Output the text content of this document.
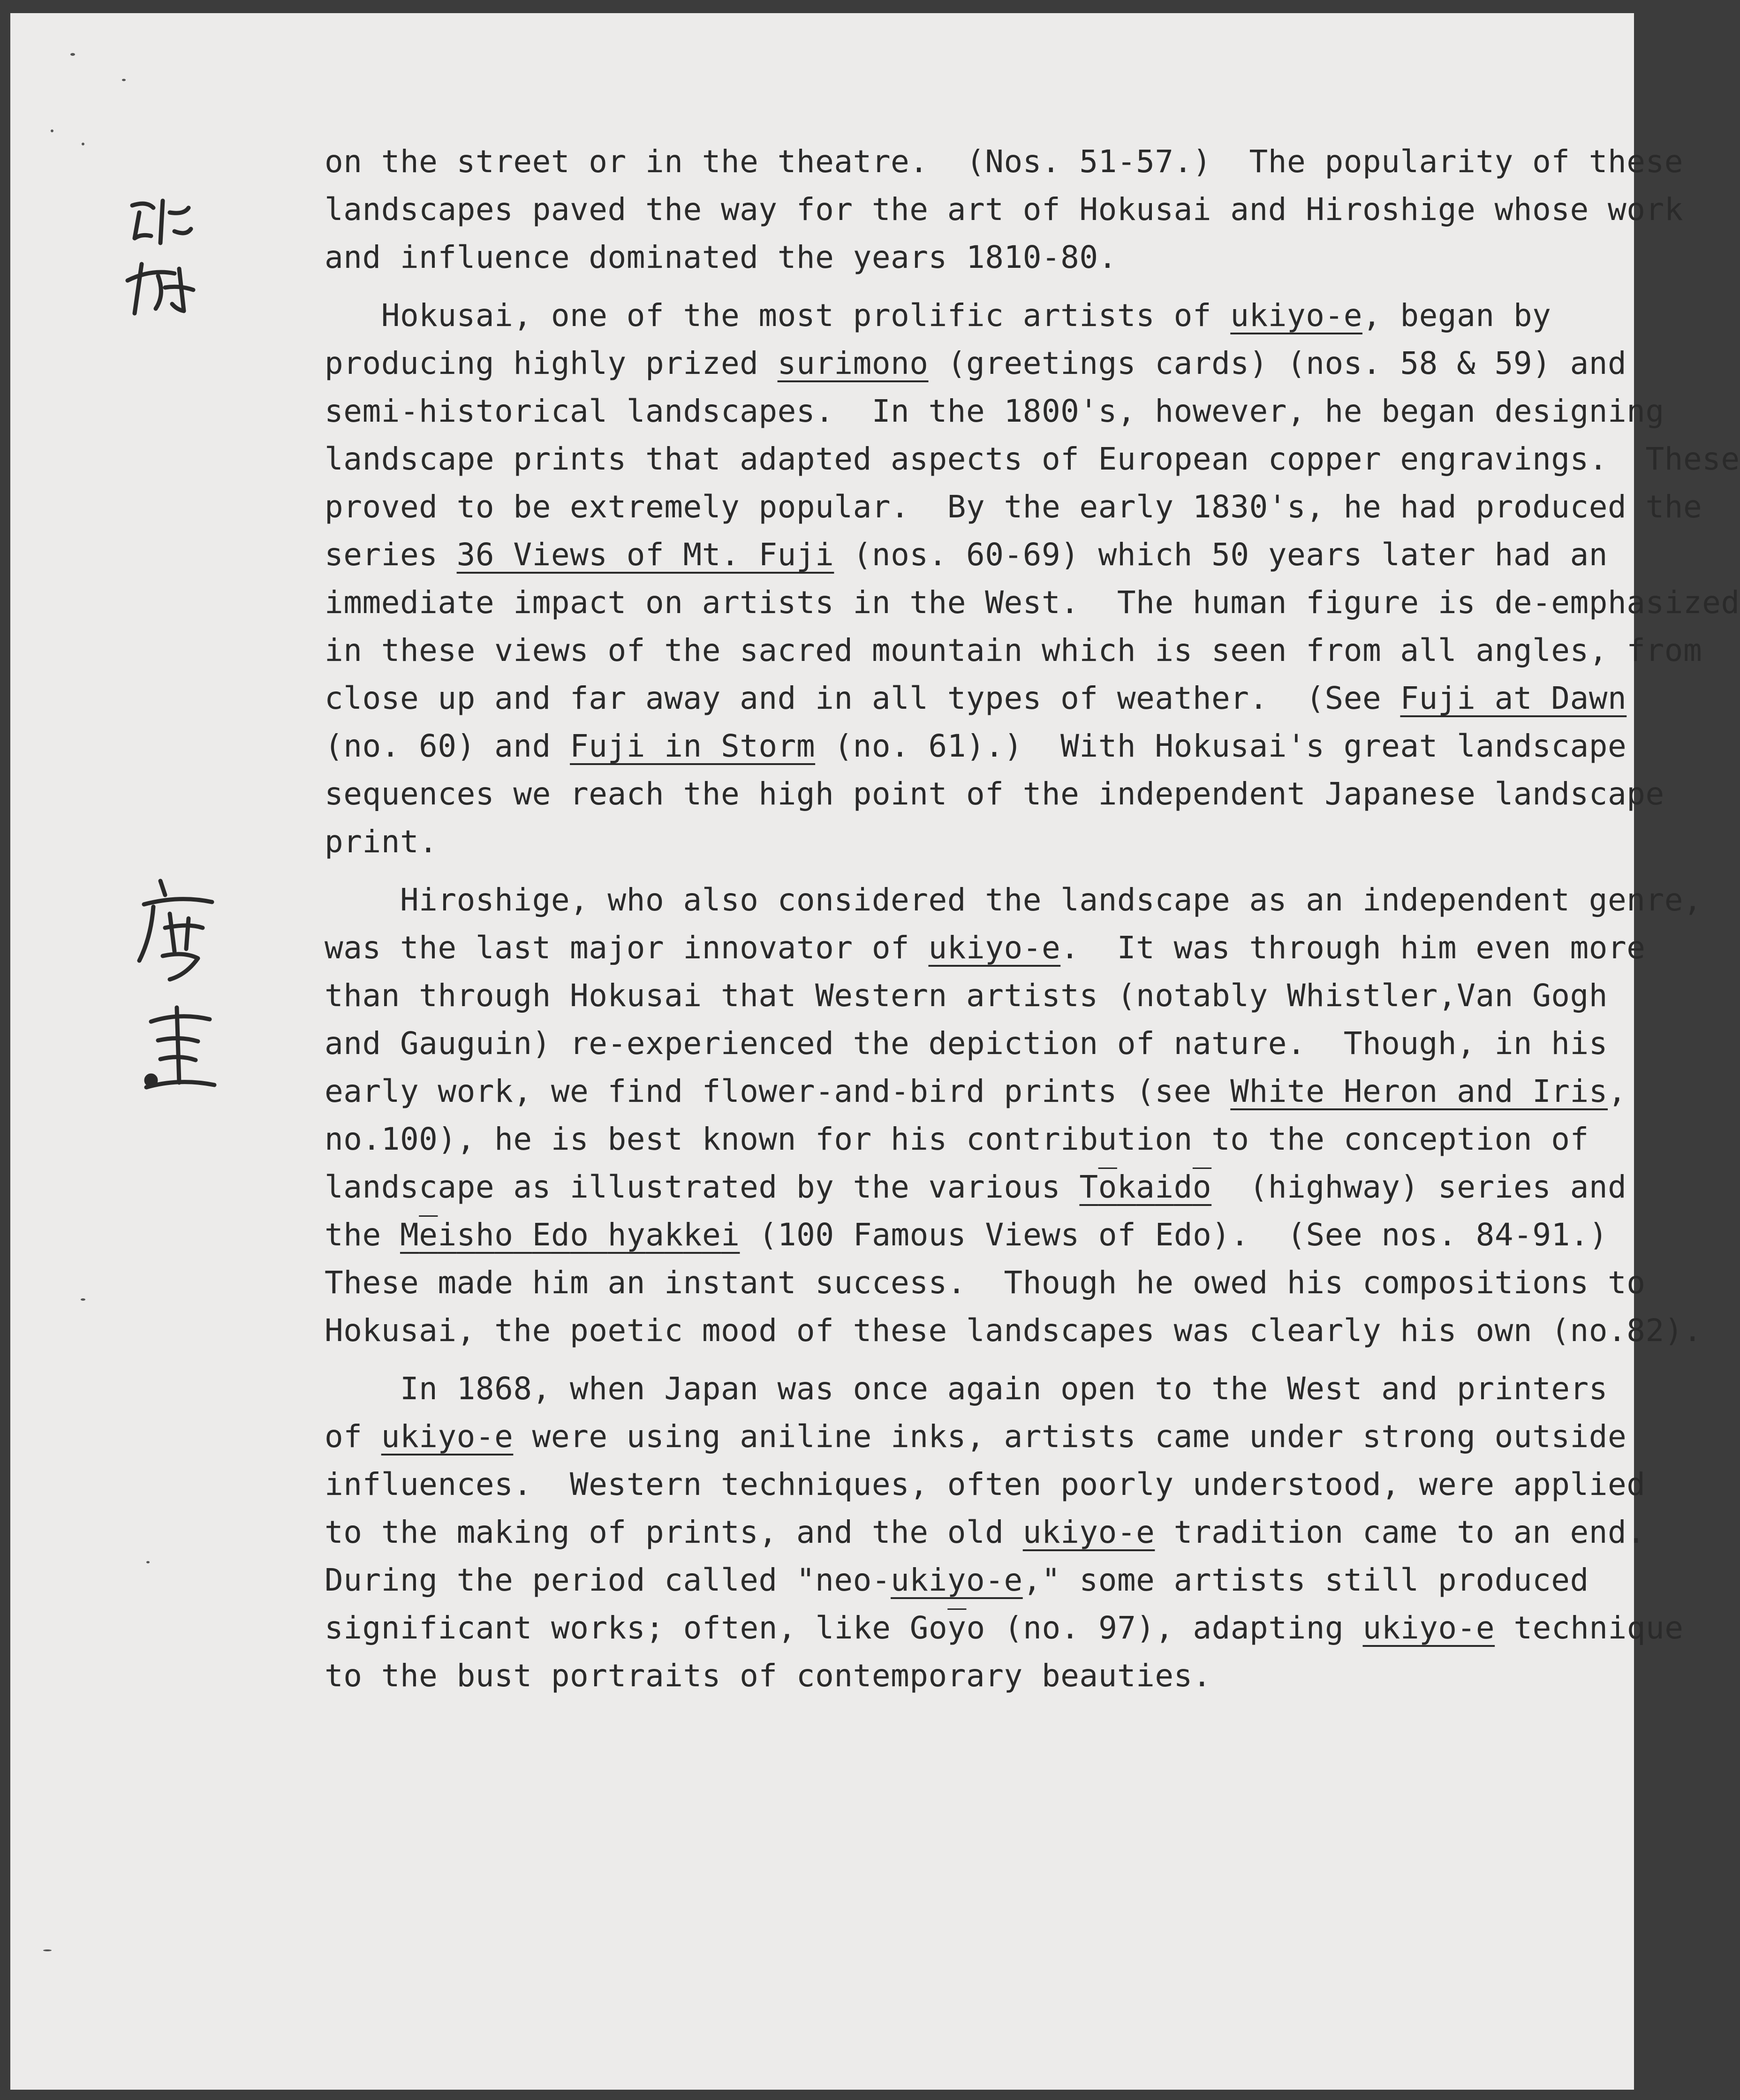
on the street or in the theatre.  (Nos. 51-57.)  The popularity of these
landscapes paved the way for the art of Hokusai and Hiroshige whose work
and influence dominated the years 1810-80.
Hokusai, one of the most prolific artists of ukiyo-e, began by
producing highly prized surimono (greetings cards) (nos. 58 & 59) and
semi-historical landscapes.  In the 1800's, however, he began designing
landscape prints that adapted aspects of European copper engravings.  These
proved to be extremely popular.  By the early 1830's, he had produced the
series 36 Views of Mt. Fuji (nos. 60-69) which 50 years later had an
immediate impact on artists in the West.  The human figure is de-emphasized
in these views of the sacred mountain which is seen from all angles, from
close up and far away and in all types of weather.  (See Fuji at Dawn
(no. 60) and Fuji in Storm (no. 61).)  With Hokusai's great landscape
sequences we reach the high point of the independent Japanese landscape
print.
Hiroshige, who also considered the landscape as an independent genre,
was the last major innovator of ukiyo-e.  It was through him even more
than through Hokusai that Western artists (notably Whistler,Van Gogh
and Gauguin) re-experienced the depiction of nature.  Though, in his
early work, we find flower-and-bird prints (see White Heron and Iris,
no.100), he is best known for his contribution to the conception of
landscape as illustrated by the various Tokaido  (highway) series and
the Meisho Edo hyakkei (100 Famous Views of Edo).  (See nos. 84-91.)
These made him an instant success.  Though he owed his compositions to
Hokusai, the poetic mood of these landscapes was clearly his own (no.82).
In 1868, when Japan was once again open to the West and printers
of ukiyo-e were using aniline inks, artists came under strong outside
influences.  Western techniques, often poorly understood, were applied
to the making of prints, and the old ukiyo-e tradition came to an end.
During the period called "neo-ukiyo-e," some artists still produced
significant works; often, like $Go\overline{y}o$ (no. 97), adapting ukiyo-e technique
to the bust portraits of contemporary beauties.
